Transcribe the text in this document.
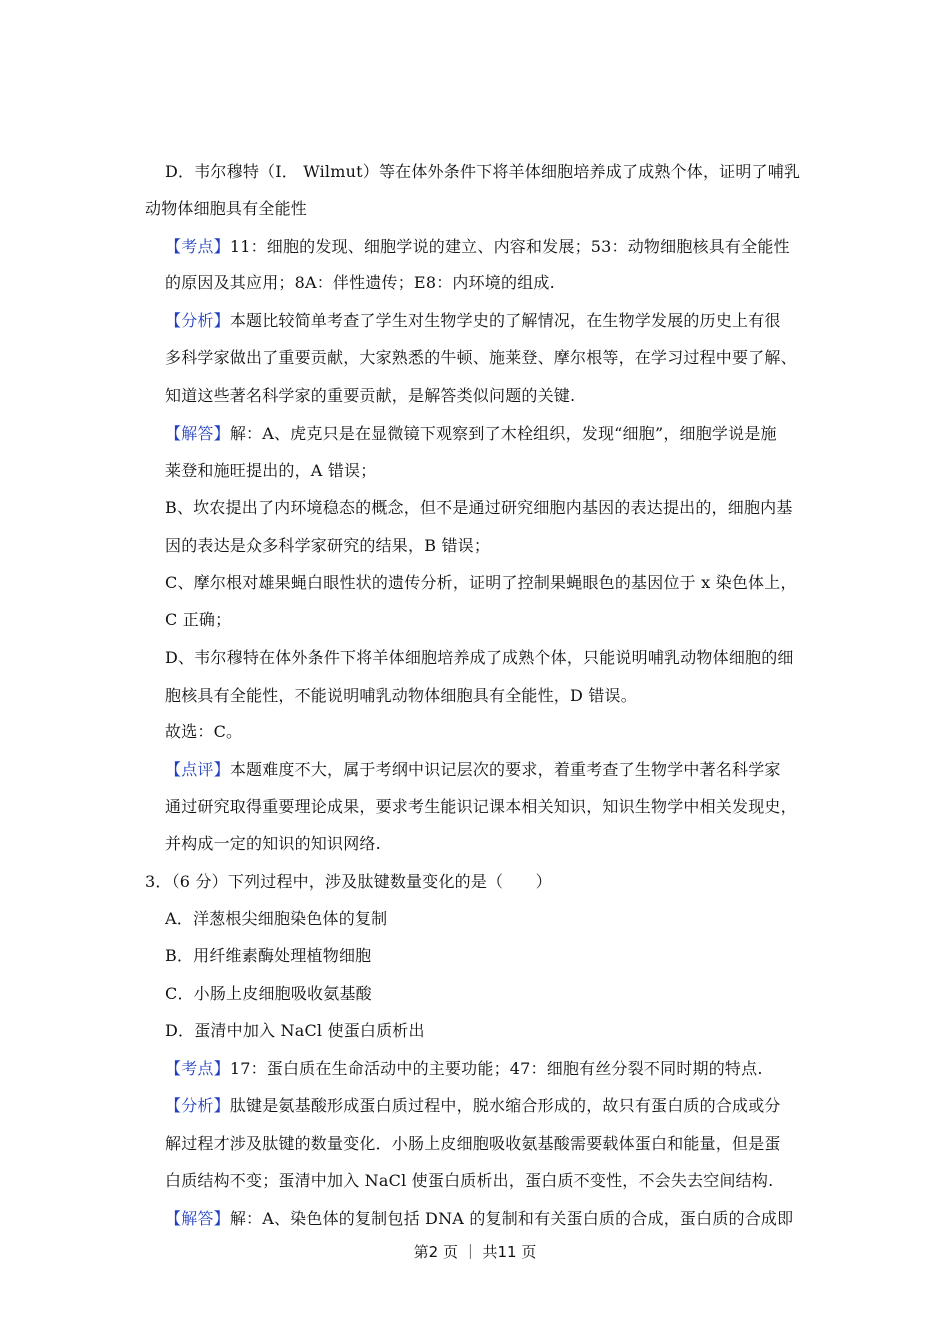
D．韦尔穆特（I． Wilmut）等在体外条件下将羊体细胞培养成了成熟个体，证明了哺乳
动物体细胞具有全能性
【考点】11：细胞的发现、细胞学说的建立、内容和发展；53：动物细胞核具有全能性
的原因及其应用；8A：伴性遗传；E8：内环境的组成.
【分析】本题比较简单考查了学生对生物学史的了解情况，在生物学发展的历史上有很
多科学家做出了重要贡献，大家熟悉的牛顿、施莱登、摩尔根等，在学习过程中要了解、
知道这些著名科学家的重要贡献，是解答类似问题的关键.
【解答】解：A、虎克只是在显微镜下观察到了木栓组织，发现“细胞”，细胞学说是施
莱登和施旺提出的，A 错误；
B、坎农提出了内环境稳态的概念，但不是通过研究细胞内基因的表达提出的，细胞内基
因的表达是众多科学家研究的结果，B 错误；
C、摩尔根对雄果蝇白眼性状的遗传分析，证明了控制果蝇眼色的基因位于 x 染色体上，
C 正确；
D、韦尔穆特在体外条件下将羊体细胞培养成了成熟个体，只能说明哺乳动物体细胞的细
胞核具有全能性，不能说明哺乳动物体细胞具有全能性，D 错误。
故选：C。
【点评】本题难度不大，属于考纲中识记层次的要求，着重考查了生物学中著名科学家
通过研究取得重要理论成果，要求考生能识记课本相关知识，知识生物学中相关发现史，
并构成一定的知识的知识网络.
3．（6 分）下列过程中，涉及肽键数量变化的是（　　）
A．洋葱根尖细胞染色体的复制
B．用纤维素酶处理植物细胞
C．小肠上皮细胞吸收氨基酸
D．蛋清中加入 NaCl 使蛋白质析出
【考点】17：蛋白质在生命活动中的主要功能；47：细胞有丝分裂不同时期的特点.
【分析】肽键是氨基酸形成蛋白质过程中，脱水缩合形成的，故只有蛋白质的合成或分
解过程才涉及肽键的数量变化．小肠上皮细胞吸收氨基酸需要载体蛋白和能量，但是蛋
白质结构不变；蛋清中加入 NaCl 使蛋白质析出，蛋白质不变性，不会失去空间结构.
【解答】解：A、染色体的复制包括 DNA 的复制和有关蛋白质的合成，蛋白质的合成即
第2 页 ｜ 共11 页
